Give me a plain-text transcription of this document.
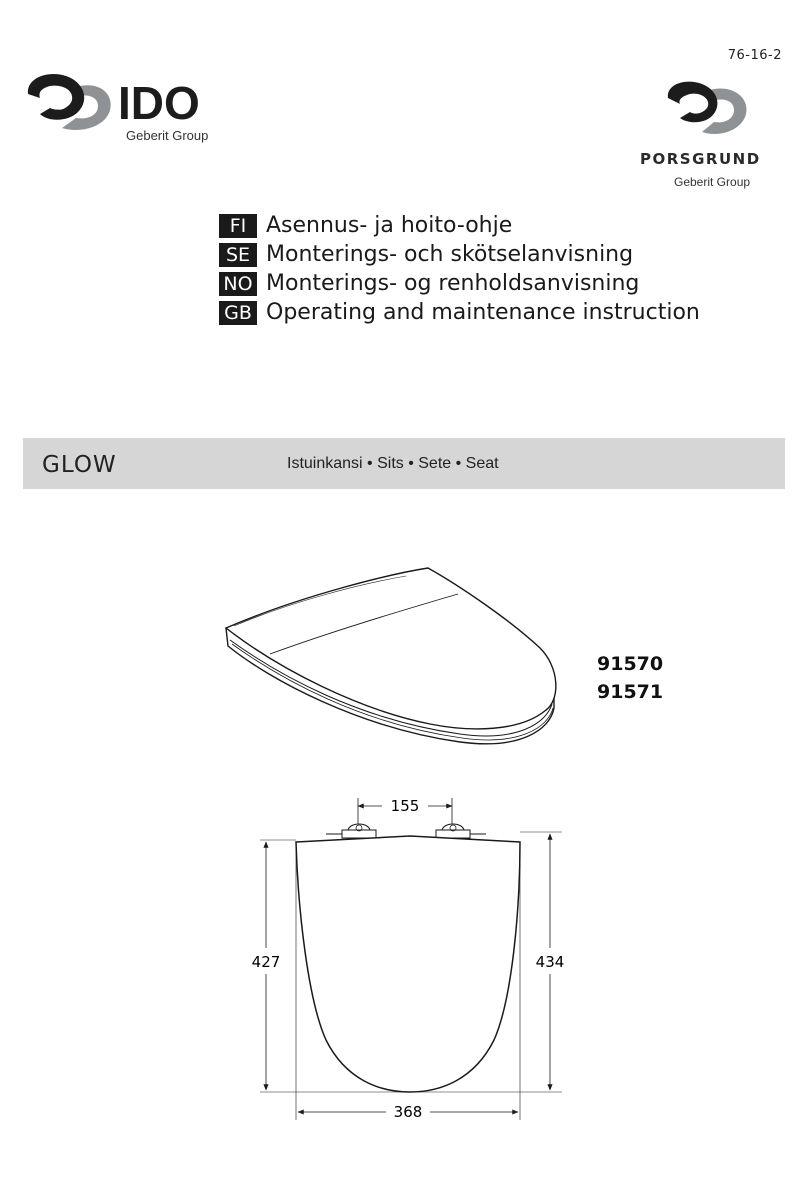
76-16-2
IDO
Geberit Group
PORSGRUND
Geberit Group
FI Asennus- ja hoito-ohje
SE Monterings- och skötselanvisning
NO Monterings- og renholdsanvisning
GB Operating and maintenance instruction
GLOW	Istuinkansi • Sits • Sete • Seat
91570
91571
155
427	434
368
